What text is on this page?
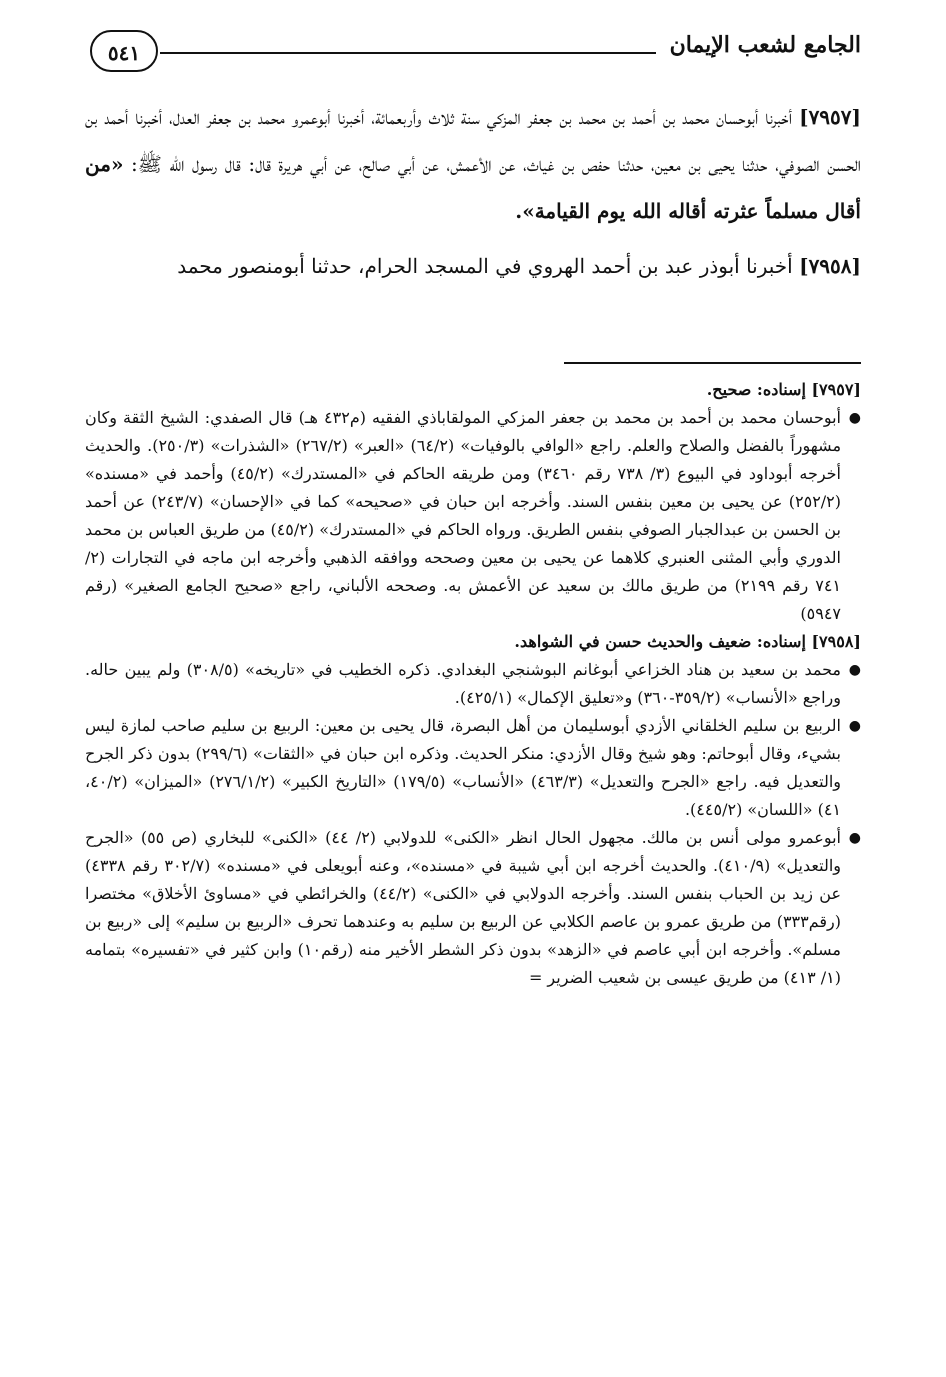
الجامع لشعب الإيمان
٥٤١

[٧٩٥٧] أخبرنا أبوحسان محمد بن أحمد بن محمد بن جعفر المزكي سنة ثلاث وأربعمائة، أخبرنا أبوعمرو محمد بن جعفر العدل، أخبرنا أحمد بن الحسن الصوفي، حدثنا يحيى بن معين، حدثنا حفص بن غياث، عن الأعمش، عن أبي صالح، عن أبي هريرة قال: قال رسول الله ﷺ: «من أقال مسلماً عثرته أقاله الله يوم القيامة».

[٧٩٥٨] أخبرنا أبوذر عبد بن أحمد الهروي في المسجد الحرام، حدثنا أبومنصور محمد

[٧٩٥٧] إسناده: صحيح.

●
أبوحسان محمد بن أحمد بن محمد بن جعفر المزكي المولقاباذي الفقيه (م٤٣٢ هـ) قال الصفدي: الشيخ الثقة وكان مشهوراً بالفضل والصلاح والعلم. راجع «الوافي بالوفيات» (٦٤/٢) «العبر» (٢٦٧/٢) «الشذرات» (٢٥٠/٣). والحديث أخرجه أبوداود في البيوع (٣/ ٧٣٨ رقم ٣٤٦٠) ومن طريقه الحاكم في «المستدرك» (٤٥/٢) وأحمد في «مسنده» (٢٥٢/٢) عن يحيى بن معين بنفس السند. وأخرجه ابن حبان في «صحيحه» كما في «الإحسان» (٢٤٣/٧) عن أحمد بن الحسن بن عبدالجبار الصوفي بنفس الطريق. ورواه الحاكم في «المستدرك» (٤٥/٢) من طريق العباس بن محمد الدوري وأبي المثنى العنبري كلاهما عن يحيى بن معين وصححه ووافقه الذهبي وأخرجه ابن ماجه في التجارات (٢/ ٧٤١ رقم ٢١٩٩) من طريق مالك بن سعيد عن الأعمش به. وصححه الألباني، راجع «صحيح الجامع الصغير» (رقم ٥٩٤٧)

[٧٩٥٨] إسناده: ضعيف والحديث حسن في الشواهد.

●
محمد بن سعيد بن هناد الخزاعي أبوغانم البوشنجي البغدادي. ذكره الخطيب في «تاريخه» (٣٠٨/٥) ولم يبين حاله. وراجع «الأنساب» (٣٥٩/٢-٣٦٠) و«تعليق الإكمال» (٤٢٥/١).

●
الربيع بن سليم الخلقاني الأزدي أبوسليمان من أهل البصرة، قال يحيى بن معين: الربيع بن سليم صاحب لمازة ليس بشيء، وقال أبوحاتم: وهو شيخ وقال الأزدي: منكر الحديث. وذكره ابن حبان في «الثقات» (٢٩٩/٦) بدون ذكر الجرح والتعديل فيه. راجع «الجرح والتعديل» (٤٦٣/٣) «الأنساب» (١٧٩/٥) «التاريخ الكبير» (٢٧٦/١/٢) «الميزان» (٤٠/٢، ٤١) «اللسان» (٤٤٥/٢).

●
أبوعمرو مولى أنس بن مالك. مجهول الحال انظر «الكنى» للدولابي (٢/ ٤٤) «الكنى» للبخاري (ص ٥٥) «الجرح والتعديل» (٤١٠/٩). والحديث أخرجه ابن أبي شيبة في «مسنده»، وعنه أبويعلى في «مسنده» (٣٠٢/٧ رقم ٤٣٣٨) عن زيد بن الحباب بنفس السند. وأخرجه الدولابي في «الكنى» (٤٤/٢) والخرائطي في «مساوئ الأخلاق» مختصرا (رقم٣٣٣) من طريق عمرو بن عاصم الكلابي عن الربيع بن سليم به وعندهما تحرف «الربيع بن سليم» إلى «ربيع بن مسلم». وأخرجه ابن أبي عاصم في «الزهد» بدون ذكر الشطر الأخير منه (رقم١٠) وابن كثير في «تفسيره» بتمامه (١/ ٤١٣) من طريق عيسى بن شعيب الضرير =
